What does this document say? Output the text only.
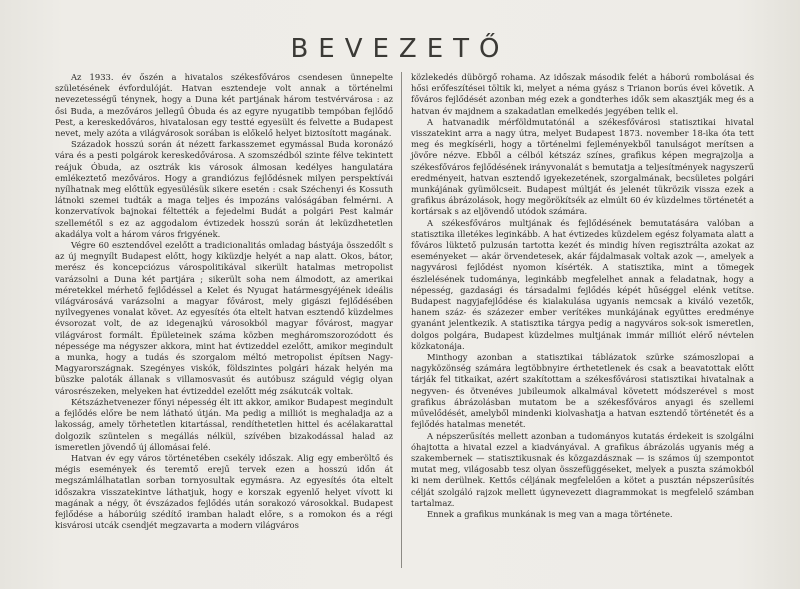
BEVEZETŐ

Az 1933. év őszén a hivatalos székesfőváros csendesen ünnepelte születésének évfordulóját. Hatvan esztendeje volt annak a történelmi nevezetességű ténynek, hogy a Duna két partjának három testvérvárosa : az ősi Buda, a mezőváros jellegű Óbuda és az egyre nyugatibb tempóban fejlődő Pest, a kereskedőváros, hivatalosan egy testté egyesült és felvette a Budapest nevet, mely azóta a világvárosok sorában is előkelő helyet biztosított magának.

Századok hosszú során át nézett farkasszemet egymással Buda koronázó vára és a pesti polgárok kereskedővárosa. A szomszédból szinte félve tekintett reájuk Óbuda, az osztrák kis városok álmosan kedélyes hangulatára emlékeztető mezőváros. Hogy a grandiózus fejlődésnek milyen perspektívái nyílhatnak meg előttük egyesülésük sikere esetén : csak Széchenyi és Kossuth látnoki szemei tudták a maga teljes és impozáns valóságában felmérni. A konzervatívok bajnokai féltették a fejedelmi Budát a polgári Pest kalmár szellemétől s ez az aggodalom évtizedek hosszú során át leküzdhetetlen akadálya volt a három város frigyének.

Végre 60 esztendővel ezelőtt a tradicionalitás omladag bástyája összedőlt s az új megnyílt Budapest előtt, hogy kiküzdje helyét a nap alatt. Okos, bátor, merész és koncepciózus várospolitikával sikerült hatalmas metropolist varázsolni a Duna két partjára ; sikerült soha nem álmodott, az amerikai méretekkel mérhető fejlődéssel a Kelet és Nyugat határmesgyéjének ideális világvárosává varázsolni a magyar fővárost, mely gigászi fejlődésében nyilvegyenes vonalat követ. Az egyesítés óta eltelt hatvan esztendő küzdelmes évsorozat volt, de az idegenajkú városokból magyar fővárost, magyar világvárost formált. Épületeinek száma közben megháromszorozódott és népessége ma négyszer akkora, mint hat évtizeddel ezelőtt, amikor megindult a munka, hogy a tudás és szorgalom méltó metropolist építsen Nagy-Magyarországnak. Szegényes viskók, földszintes polgári házak helyén ma büszke paloták állanak s villamosvasút és autóbusz száguld végig olyan városrészeken, melyeken hat évtizeddel ezelőtt még zsákutcák voltak.

Kétszázhetvenezer főnyi népesség élt itt akkor, amikor Budapest megindult a fejlődés előre be nem látható útján. Ma pedig a milliót is meghaladja az a lakosság, amely törhetetlen kitartással, rendíthetetlen hittel és acélakarattal dolgozik szüntelen s megállás nélkül, szívében bizakodással halad az ismeretlen jövendő új állomásai felé.

Hatvan év egy város történetében csekély időszak. Alig egy emberöltő és mégis események és teremtő erejű tervek ezen a hosszú időn át megszámlálhatatlan sorban tornyosultak egymásra. Az egyesítés óta eltelt időszakra visszatekintve láthatjuk, hogy e korszak egyenlő helyet vívott ki magának a négy, öt évszázados fejlődés után sorakozó városokkal. Budapest fejlődése a háborúig szédítő iramban haladt előre, s a romokon és a régi kisvárosi utcák csendjét megzavarta a modern világváros

közlekedés dübörgő rohama. Az időszak második felét a háború rombolásai és hősi erőfeszítései töltik ki, melyet a néma gyász s Trianon borús évei követik. A főváros fejlődését azonban még ezek a gondterhes idők sem akasztják meg és a hatvan év majdnem a szakadatlan emelkedés jegyében telik el.

A hatvanadik mérföldmutatónál a székesfővárosi statisztikai hivatal visszatekint arra a nagy útra, melyet Budapest 1873. november 18-ika óta tett meg és megkísérli, hogy a történelmi fejleményekből tanulságot merítsen a jövőre nézve. Ebből a célból kétszáz színes, grafikus képen megrajzolja a székesfőváros fejlődésének irányvonalát s bemutatja a teljesítmények nagyszerű eredményeit, hatvan esztendő igyekezetének, szorgalmának, becsületes polgári munkájának gyümölcseit. Budapest múltját és jelenét tükrözik vissza ezek a grafikus ábrázolások, hogy megörökítsék az elmúlt 60 év küzdelmes történetét a kortársak s az eljövendő utódok számára.

A székesfőváros multjának és fejlődésének bemutatására valóban a statisztika illetékes leginkább. A hat évtizedes küzdelem egész folyamata alatt a főváros lüktető pulzusán tartotta kezét és mindig híven regisztrálta azokat az eseményeket — akár örvendetesek, akár fájdalmasak voltak azok —, amelyek a nagyvárosi fejlődést nyomon kísérték. A statisztika, mint a tömegek észlelésének tudománya, leginkább megfelelhet annak a feladatnak, hogy a népesség, gazdasági és társadalmi fejlődés képét hűséggel elénk vetítse. Budapest nagyjafejlődése és kialakulása ugyanis nemcsak a kiváló vezetők, hanem száz- és százezer ember verítékes munkájának együttes eredménye gyanánt jelentkezik. A statisztika tárgya pedig a nagyváros sok-sok ismeretlen, dolgos polgára, Budapest küzdelmes multjának immár milliót elérő névtelen közkatonája.

Minthogy azonban a statisztikai táblázatok szürke számoszlopai a nagyközönség számára legtöbbnyire érthetetlenek és csak a beavatottak előtt tárják fel titkaikat, azért szakítottam a székesfővárosi statisztikai hivatalnak a negyven- és ötvenéves jubileumok alkalmával követett módszerével s most grafikus ábrázolásban mutatom be a székesfőváros anyagi és szellemi művelődését, amelyből mindenki kiolvashatja a hatvan esztendő történetét és a fejlődés hatalmas menetét.

A népszerűsítés mellett azonban a tudományos kutatás érdekeit is szolgálni óhajtotta a hivatal ezzel a kiadványával. A grafikus ábrázolás ugyanis még a szakembernek — statisztikusnak és közgazdásznak — is számos új szempontot mutat meg, világosabb tesz olyan összefüggéseket, melyek a puszta számokból ki nem derülnek. Kettős céljának megfelelően a kötet a pusztán népszerűsítés célját szolgáló rajzok mellett úgynevezett diagrammokat is megfelelő számban tartalmaz.

Ennek a grafikus munkának is meg van a maga története.
